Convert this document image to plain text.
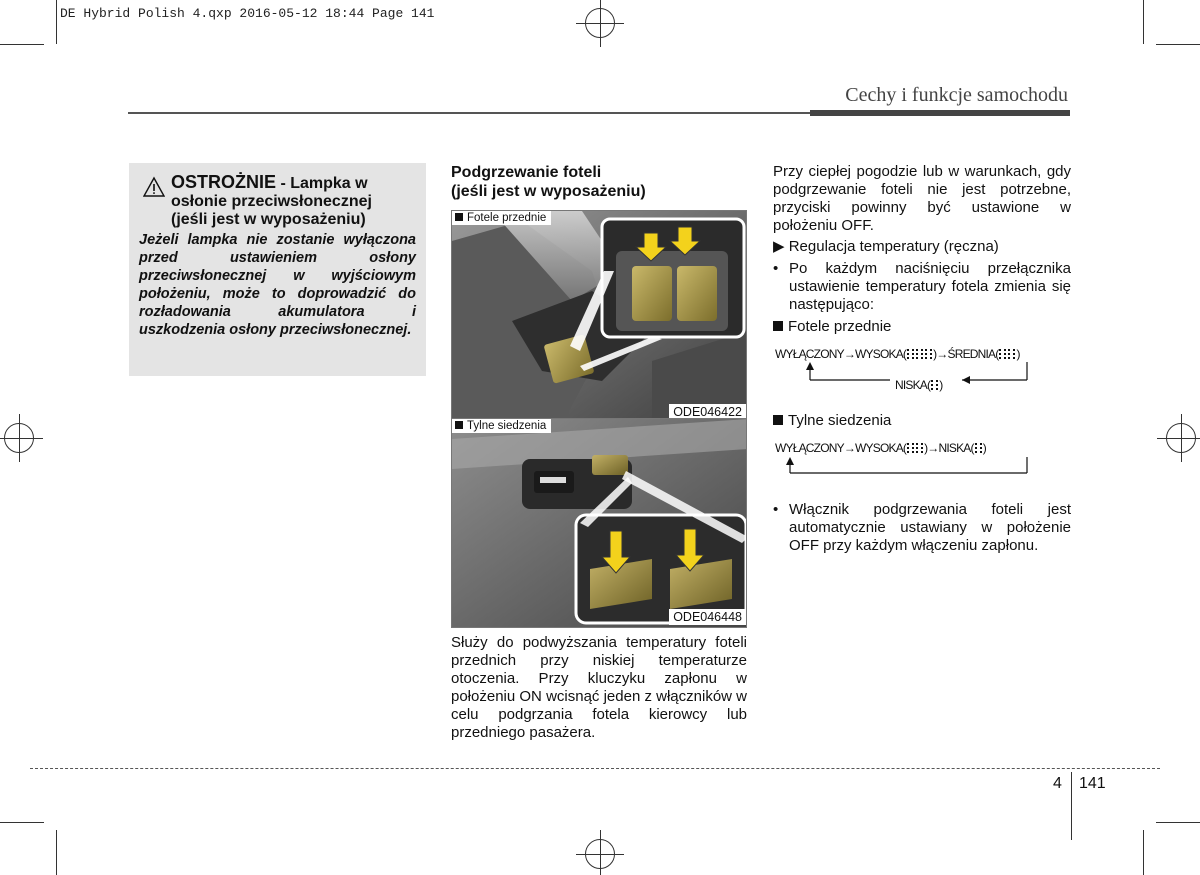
DE Hybrid Polish 4.qxp 2016-05-12 18:44 Page 141
Cechy i funkcje samochodu
OSTROŻNIE - Lampka w
osłonie przeciwsłonecznej
(jeśli jest w wyposażeniu)
Jeżeli lampka nie zostanie wyłączona przed ustawieniem osłony przeciwsłonecznej w wyjściowym położeniu, może to doprowadzić do rozładowania akumulatora i uszkodzenia osłony przeciwsłonecznej.
Podgrzewanie foteli
(jeśli jest w wyposażeniu)
Fotele przednie
ODE046422
Tylne siedzenia
ODE046448
Służy do podwyższania temperatury foteli przednich przy niskiej temperaturze otoczenia. Przy kluczyku zapłonu w położeniu ON wcisnąć jeden z włączników w celu podgrzania fotela kierowcy lub przedniego pasażera.
Przy ciepłej pogodzie lub w warunkach, gdy podgrzewanie foteli nie jest potrzebne, przyciski powinny być ustawione w położeniu OFF.
▶ Regulacja temperatury (ręczna)
• Po każdym naciśnięciu przełącznika ustawienie temperatury fotela zmienia się następująco:
Fotele przednie
WYŁĄCZONY→WYSOKA( )→ŚREDNIA( )
NISKA( )
Tylne siedzenia
WYŁĄCZONY→WYSOKA( )→NISKA( )
• Włącznik podgrzewania foteli jest automatycznie ustawiany w położenie OFF przy każdym włączeniu zapłonu.
4 141
